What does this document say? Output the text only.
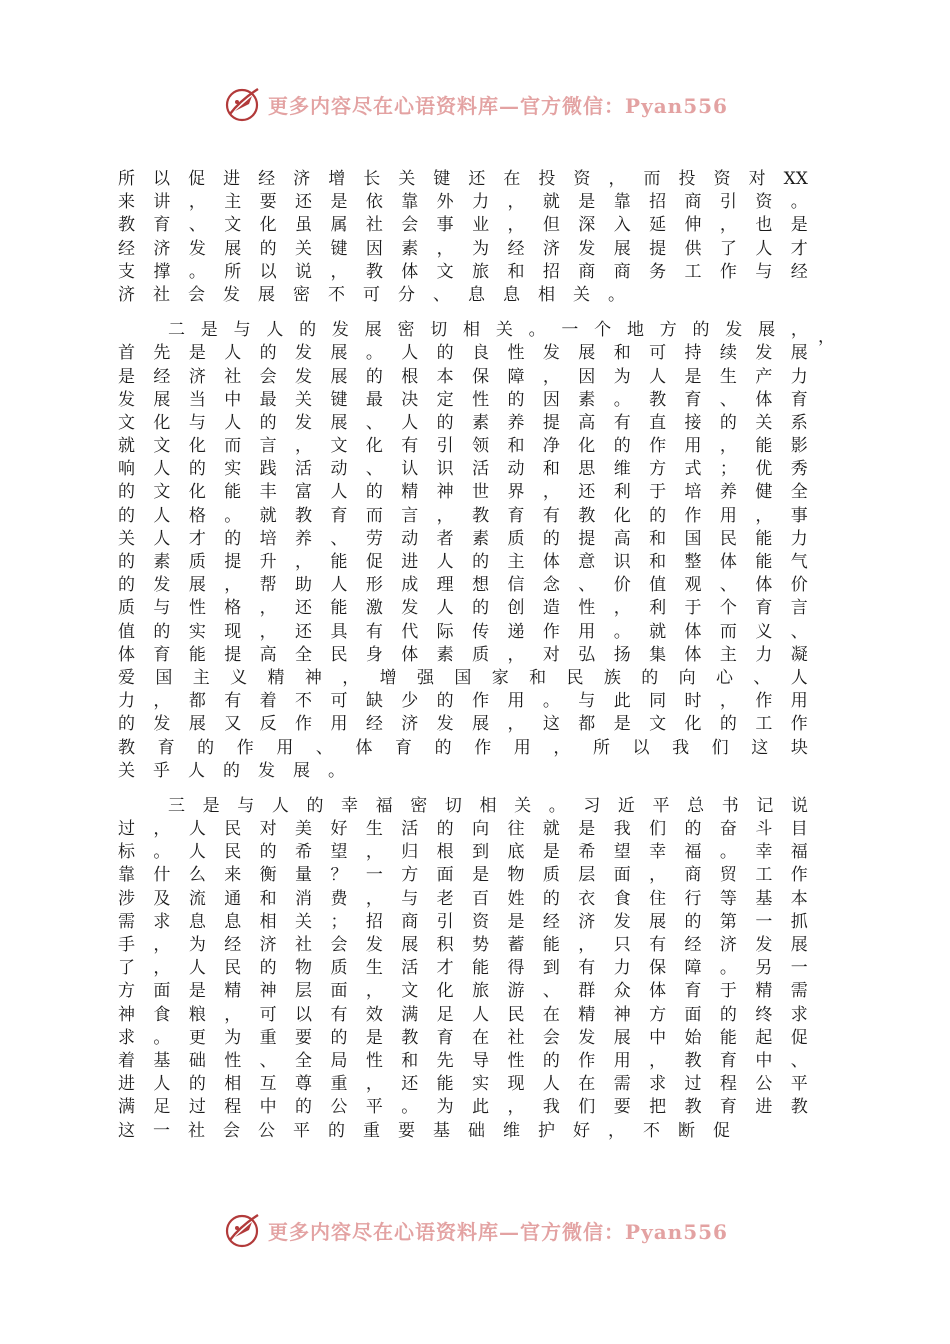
更多内容尽在心语资料库—官方微信：Pyan556
所 以 促 进 经 济 增 长 关 键 还 在 投 资 ， 而 投 资 对 XX
来 讲 ， 主 要 还 是 依 靠 外 力 ， 就 是 靠 招 商 引 资 。
教 育 、 文 化 虽 属 社 会 事 业 ， 但 深 入 延 伸 ， 也 是
经 济 发 展 的 关 键 因 素 ， 为 经 济 发 展 提 供 了 人 才
支 撑 。 所 以 说 ， 教 体 文 旅 和 招 商 商 务 工 作 与 经
济 社 会 发 展 密 不 可 分 、 息 息 相 关 。
二 是 与 人 的 发 展 密 切 相 关 。 一 个 地 方 的 发 展 ，
首 先 是 人 的 发 展 。 人 的 良 性 发 展 和 可 持 续 发 展
是 经 济 社 会 发 展 的 根 本 保 障 ， 因 为 人 是 生 产 力
发 展 当 中 最 关 键 最 决 定 性 的 因 素 。 教 育 、 体 育
文 化 与 人 的 发 展 、 人 的 素 养 提 高 有 直 接 的 关 系
就 文 化 而 言 ， 文 化 有 引 领 和 净 化 的 作 用 ， 能 影
响 人 的 实 践 活 动 、 认 识 活 动 和 思 维 方 式 ； 优 秀
的 文 化 能 丰 富 人 的 精 神 世 界 ， 还 利 于 培 养 健 全
的 人 格 。 就 教 育 而 言 ， 教 育 有 教 化 的 作 用 ， 事
关 人 才 的 培 养 、 劳 动 者 素 质 的 提 高 和 国 民 能 力
的 素 质 提 升 ， 能 促 进 人 的 主 体 意 识 和 整 体 能 气
的 发 展 ， 帮 助 人 形 成 理 想 信 念 、 价 值 观 、 体 价
质 与 性 格 ， 还 能 激 发 人 的 创 造 性 ， 利 于 个 育 言
值 的 实 现 ， 还 具 有 代 际 传 递 作 用 。 就 体 而 义 、
体 育 能 提 高 全 民 身 体 素 质 ， 对 弘 扬 集 体 主 力 凝
爱 国 主 义 精 神 ， 增 强 国 家 和 民 族 的 向 心 、 人
力 ， 都 有 着 不 可 缺 少 的 作 用 。 与 此 同 时 ， 作 用
的 发 展 又 反 作 用 经 济 发 展 ， 这 都 是 文 化 的 工 作
教 育 的 作 用 、 体 育 的 作 用 ， 所 以 我 们 这 块
关 乎 人 的 发 展 。
三 是 与 人 的 幸 福 密 切 相 关 。 习 近 平 总 书 记 说
过 ， 人 民 对 美 好 生 活 的 向 往 就 是 我 们 的 奋 斗 目
标 。 人 民 的 希 望 ， 归 根 到 底 是 希 望 幸 福 。 幸 福
靠 什 么 来 衡 量 ？ 一 方 面 是 物 质 层 面 ， 商 贸 工 作
涉 及 流 通 和 消 费 ， 与 老 百 姓 的 衣 食 住 行 等 基 本
需 求 息 息 相 关 ； 招 商 引 资 是 经 济 发 展 的 第 一 抓
手 ， 为 经 济 社 会 发 展 积 势 蓄 能 ， 只 有 经 济 发 展
了 ， 人 民 的 物 质 生 活 才 能 得 到 有 力 保 障 。 另 一
方 面 是 精 神 层 面 ， 文 化 旅 游 、 群 众 体 育 于 精 需
神 食 粮 ， 可 以 有 效 满 足 人 民 在 精 神 方 面 的 终 求
求 。 更 为 重 要 的 是 教 育 在 社 会 发 展 中 始 能 起 促
着 基 础 性 、 全 局 性 和 先 导 性 的 作 用 ， 教 育 中 、
进 人 的 相 互 尊 重 ， 还 能 实 现 人 在 需 求 过 程 公 平
满 足 过 程 中 的 公 平 。 为 此 ， 我 们 要 把 教 育 进 教
这 一 社 会 公 平 的 重 要 基 础 维 护 好 ， 不 断 促
，
更多内容尽在心语资料库—官方微信：Pyan556
